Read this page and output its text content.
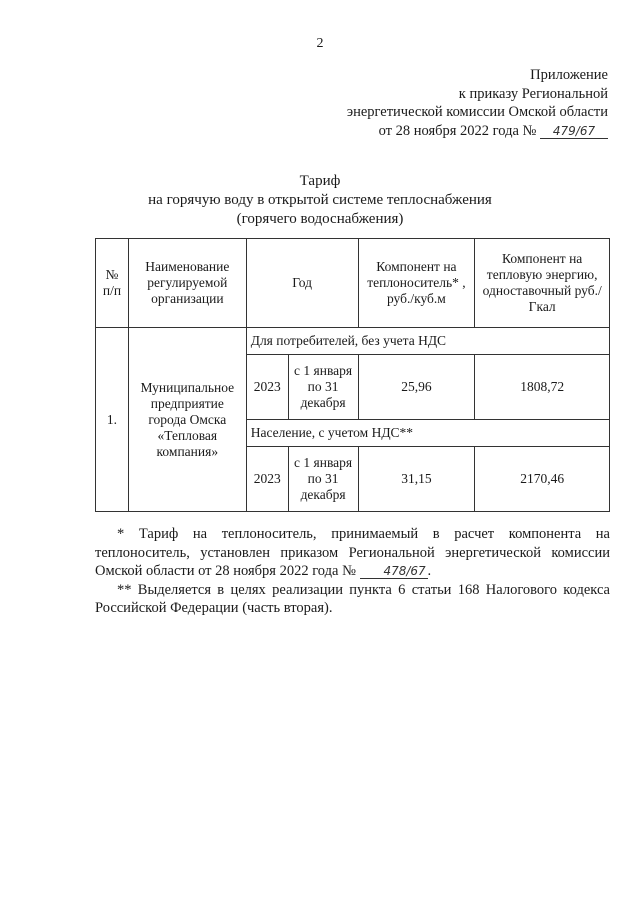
2
Приложение
к приказу Региональной
энергетической комиссии Омской области
от 28 ноября 2022 года № 479/67
Тариф
на горячую воду в открытой системе теплоснабжения
(горячего водоснабжения)
№ п/п	Наименование регулируемой организации	Год		Компонент на теплоноситель* , руб./куб.м	Компонент на тепловую энергию, одноставочный руб./Гкал
1.	Муниципальное предприятие города Омска «Тепловая компания»	Для потребителей, без учета НДС			
		2023	с 1 января по 31 декабря	25,96	1808,72
		Население, с учетом НДС**			
		2023	с 1 января по 31 декабря	31,15	2170,46

* Тариф на теплоноситель, принимаемый в расчет компонента на теплоноситель, установлен приказом Региональной энергетической комиссии Омской области от 28 ноября 2022 года № 478/67 .

** Выделяется в целях реализации пункта 6 статьи 168 Налогового кодекса Российской Федерации (часть вторая).
